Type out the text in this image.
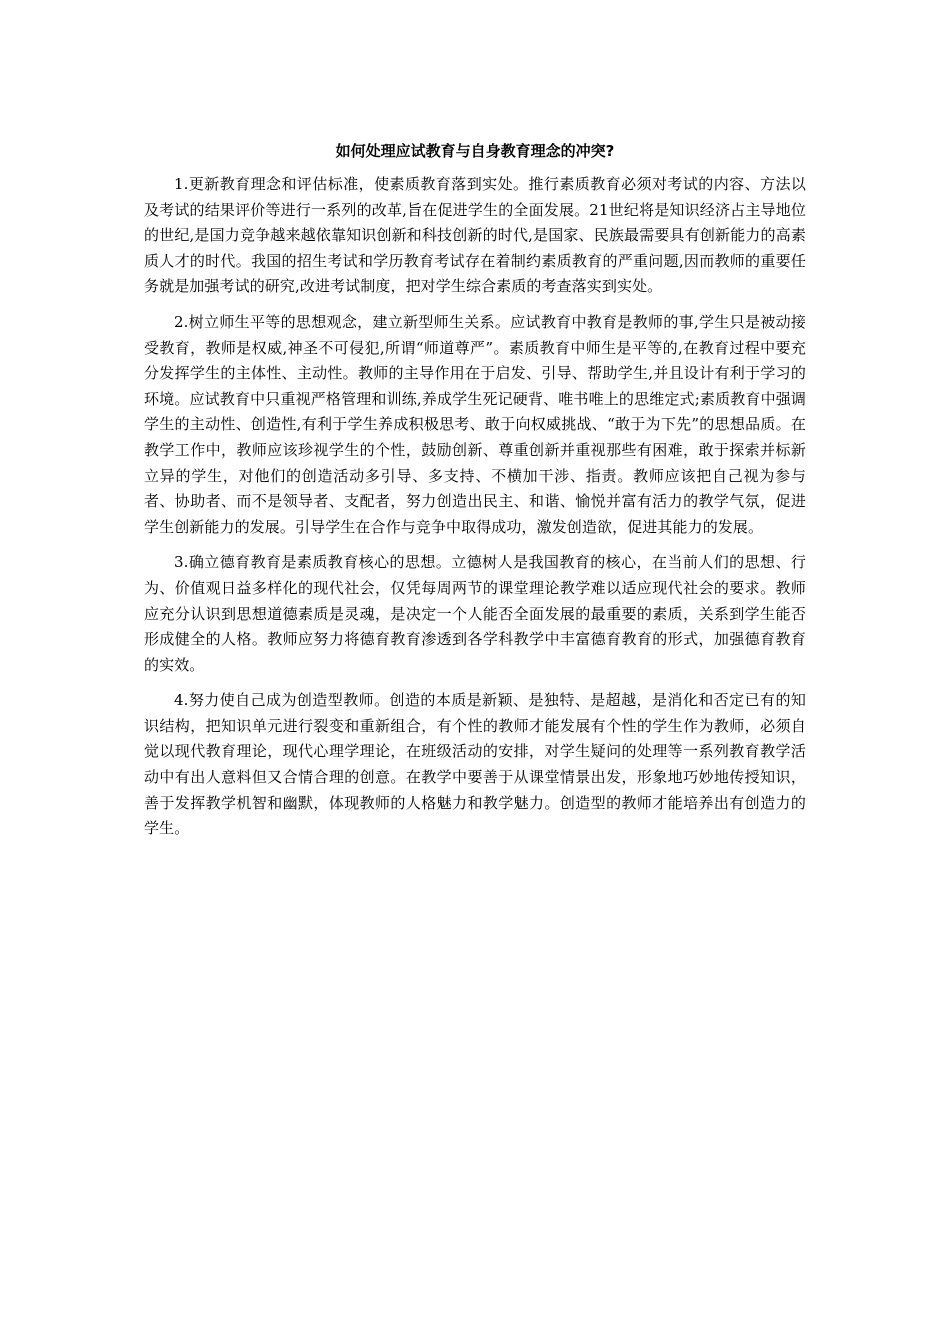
如何处理应试教育与自身教育理念的冲突?

1.更新教育理念和评估标准，使素质教育落到实处。推行素质教育必须对考试的内容、方法以及考试的结果评价等进行一系列的改革,旨在促进学生的全面发展。21世纪将是知识经济占主导地位的世纪,是国力竞争越来越依靠知识创新和科技创新的时代,是国家、民族最需要具有创新能力的高素质人才的时代。我国的招生考试和学历教育考试存在着制约素质教育的严重问题,因而教师的重要任务就是加强考试的研究,改进考试制度，把对学生综合素质的考查落实到实处。

2.树立师生平等的思想观念，建立新型师生关系。应试教育中教育是教师的事,学生只是被动接受教育，教师是权威,神圣不可侵犯,所谓“师道尊严”。素质教育中师生是平等的,在教育过程中要充分发挥学生的主体性、主动性。教师的主导作用在于启发、引导、帮助学生,并且设计有利于学习的环境。应试教育中只重视严格管理和训练,养成学生死记硬背、唯书唯上的思维定式;素质教育中强调学生的主动性、创造性,有利于学生养成积极思考、敢于向权威挑战、“敢于为下先”的思想品质。在教学工作中，教师应该珍视学生的个性，鼓励创新、尊重创新并重视那些有困难，敢于探索并标新立异的学生，对他们的创造活动多引导、多支持、不横加干涉、指责。教师应该把自己视为参与者、协助者、而不是领导者、支配者，努力创造出民主、和谐、愉悦并富有活力的教学气氛，促进学生创新能力的发展。引导学生在合作与竞争中取得成功，激发创造欲，促进其能力的发展。

3.确立德育教育是素质教育核心的思想。立德树人是我国教育的核心，在当前人们的思想、行为、价值观日益多样化的现代社会，仅凭每周两节的课堂理论教学难以适应现代社会的要求。教师应充分认识到思想道德素质是灵魂，是决定一个人能否全面发展的最重要的素质，关系到学生能否形成健全的人格。教师应努力将德育教育渗透到各学科教学中丰富德育教育的形式，加强德育教育的实效。

4.努力使自己成为创造型教师。创造的本质是新颖、是独特、是超越，是消化和否定已有的知识结构，把知识单元进行裂变和重新组合，有个性的教师才能发展有个性的学生作为教师，必须自觉以现代教育理论，现代心理学理论，在班级活动的安排，对学生疑问的处理等一系列教育教学活动中有出人意料但又合情合理的创意。在教学中要善于从课堂情景出发，形象地巧妙地传授知识，善于发挥教学机智和幽默，体现教师的人格魅力和教学魅力。创造型的教师才能培养出有创造力的学生。
